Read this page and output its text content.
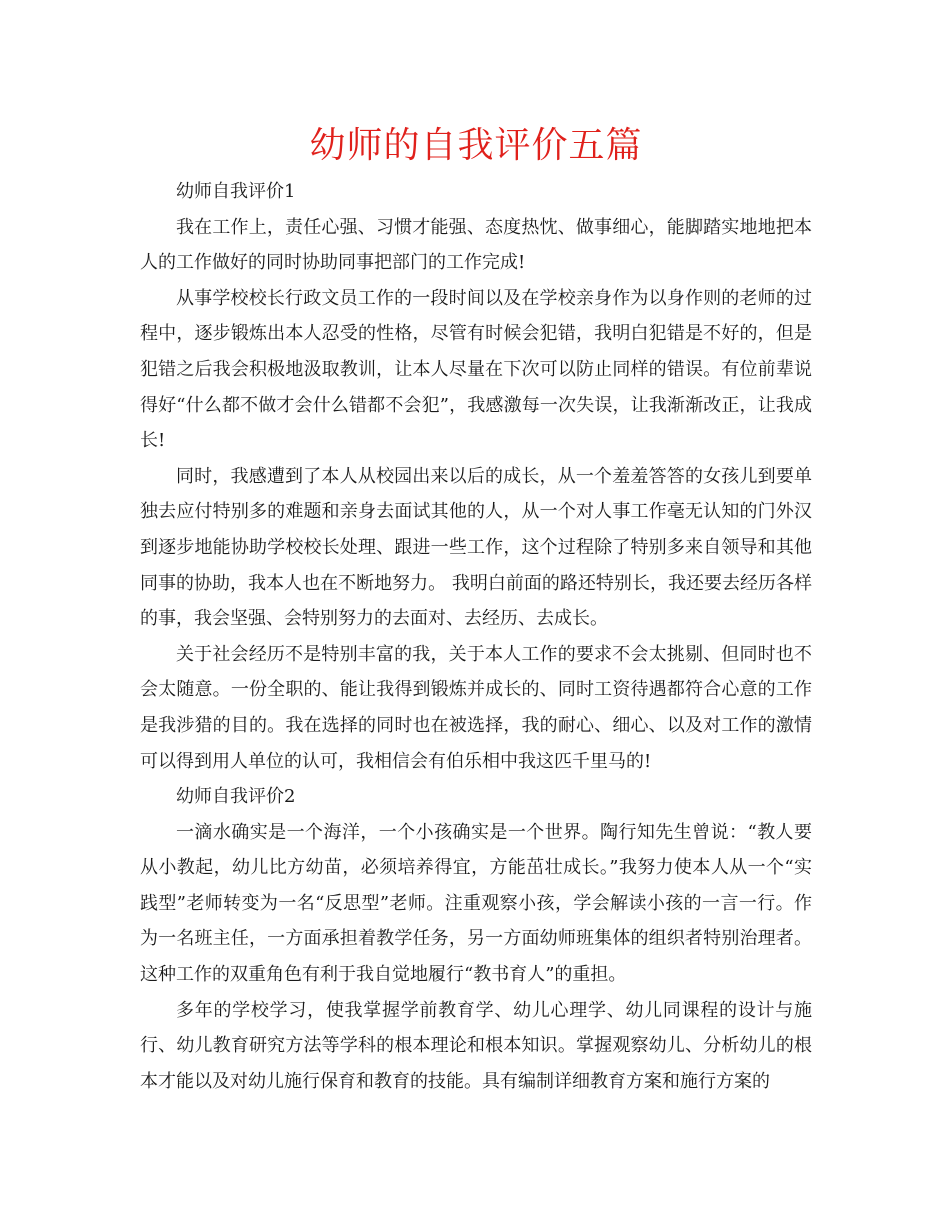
幼师的自我评价五篇

幼师自我评价1

我在工作上，责任心强、习惯才能强、态度热忱、做事细心，能脚踏实地地把本人的工作做好的同时协助同事把部门的工作完成!

从事学校校长行政文员工作的一段时间以及在学校亲身作为以身作则的老师的过程中，逐步锻炼出本人忍受的性格，尽管有时候会犯错，我明白犯错是不好的，但是犯错之后我会积极地汲取教训，让本人尽量在下次可以防止同样的错误。有位前辈说得好“什么都不做才会什么错都不会犯”，我感激每一次失误，让我渐渐改正，让我成长!

同时，我感遭到了本人从校园出来以后的成长，从一个羞羞答答的女孩儿到要单独去应付特别多的难题和亲身去面试其他的人，从一个对人事工作毫无认知的门外汉到逐步地能协助学校校长处理、跟进一些工作，这个过程除了特别多来自领导和其他同事的协助，我本人也在不断地努力。 我明白前面的路还特别长，我还要去经历各样的事，我会坚强、会特别努力的去面对、去经历、去成长。

关于社会经历不是特别丰富的我，关于本人工作的要求不会太挑剔、但同时也不会太随意。一份全职的、能让我得到锻炼并成长的、同时工资待遇都符合心意的工作是我涉猎的目的。我在选择的同时也在被选择，我的耐心、细心、以及对工作的激情可以得到用人单位的认可，我相信会有伯乐相中我这匹千里马的!

幼师自我评价2

一滴水确实是一个海洋，一个小孩确实是一个世界。陶行知先生曾说：“教人要从小教起，幼儿比方幼苗，必须培养得宜，方能茁壮成长。”我努力使本人从一个“实践型”老师转变为一名“反思型”老师。注重观察小孩，学会解读小孩的一言一行。作为一名班主任，一方面承担着教学任务，另一方面幼师班集体的组织者特别治理者。这种工作的双重角色有利于我自觉地履行“教书育人”的重担。

多年的学校学习，使我掌握学前教育学、幼儿心理学、幼儿同课程的设计与施行、幼儿教育研究方法等学科的根本理论和根本知识。掌握观察幼儿、分析幼儿的根本才能以及对幼儿施行保育和教育的技能。具有编制详细教育方案和施行方案的
